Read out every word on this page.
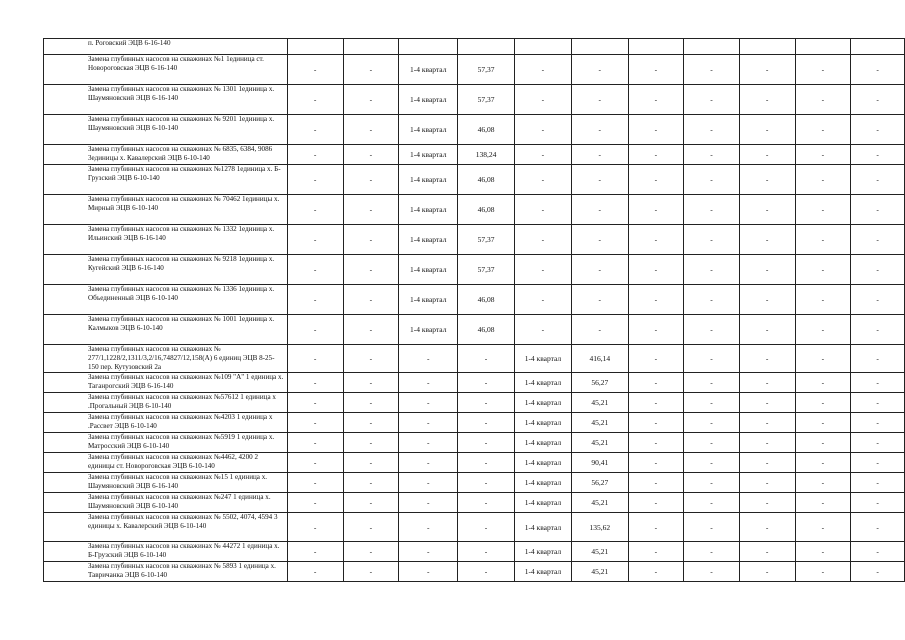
п. Роговский ЭЦВ 6-16-140											
Замена глубинных насосов на скважинах №1 1единица ст. Новороговская ЭЦВ 6-16-140	-	-	1-4 квартал	57,37	-	-	-	-	-	-	-
Замена глубинных насосов на скважинах № 1301 1единица х. Шаумяновский ЭЦВ 6-16-140	-	-	1-4 квартал	57,37	-	-	-	-	-	-	-
Замена глубинных насосов на скважинах № 9201 1единица х. Шаумяновский ЭЦВ 6-10-140	-	-	1-4 квартал	46,08	-	-	-	-	-	-	-
Замена глубинных насосов на скважинах № 6835, 6384, 9086 3единицы х. Кавалерский ЭЦВ 6-10-140	-	-	1-4 квартал	138,24	-	-	-	-	-	-	-
Замена глубинных насосов на скважинах №1278 1единица х. Б-Грузский ЭЦВ 6-10-140	-	-	1-4 квартал	46,08	-	-	-	-	-	-	-
Замена глубинных насосов на скважинах № 70462 1единицы х. Мирный ЭЦВ 6-10-140	-	-	1-4 квартал	46,08	-	-	-	-	-	-	-
Замена глубинных насосов на скважинах № 1332 1единица х. Ильинский ЭЦВ 6-16-140	-	-	1-4 квартал	57,37	-	-	-	-	-	-	-
Замена глубинных насосов на скважинах № 9218 1единица х. Кугейский ЭЦВ 6-16-140	-	-	1-4 квартал	57,37	-	-	-	-	-	-	-
Замена глубинных насосов на скважинах № 1336 1единица х. Объединенный ЭЦВ 6-10-140	-	-	1-4 квартал	46,08	-	-	-	-	-	-	-
Замена глубинных насосов на скважинах № 1001 1единица х. Калмыков ЭЦВ 6-10-140	-	-	1-4 квартал	46,08	-	-	-	-	-	-	-
Замена глубинных насосов на скважинах № 277/1,1228/2,1311/3,2/16,74827/12,158(А) 6 единиц ЭЦВ 8-25-150 пер. Кутузовский 2а	-	-	-	-	1-4 квартал	416,14	-	-	-	-	-
Замена глубинных насосов на скважинах №109 "А" 1 единица х. Таганрогский ЭЦВ 6-16-140	-	-	-	-	1-4 квартал	56,27	-	-	-	-	-
Замена глубинных насосов на скважинах №57612 1 единица х .Прогальный ЭЦВ 6-10-140	-	-	-	-	1-4 квартал	45,21	-	-	-	-	-
Замена глубинных насосов на скважинах №4203 1 единица х .Рассвет ЭЦВ 6-10-140	-	-	-	-	1-4 квартал	45,21	-	-	-	-	-
Замена глубинных насосов на скважинах №5919 1 единица х. Матросский ЭЦВ 6-10-140	-	-	-	-	1-4 квартал	45,21	-	-	-	-	-
Замена глубинных насосов на скважинах №4462, 4200 2 единицы ст. Новороговская ЭЦВ 6-10-140	-	-	-	-	1-4 квартал	90,41	-	-	-	-	-
Замена глубинных насосов на скважинах №15 1 единица х. Шаумяновский ЭЦВ 6-16-140	-	-	-	-	1-4 квартал	56,27	-	-	-	-	-
Замена глубинных насосов на скважинах №247 1 единица х. Шаумяновский ЭЦВ 6-10-140	-	-	-	-	1-4 квартал	45,21	-	-	-	-	-
Замена глубинных насосов на скважинах № 5502, 4074, 4594 3 единицы х. Кавалерский ЭЦВ 6-10-140	-	-	-	-	1-4 квартал	135,62	-	-	-	-	-
Замена глубинных насосов на скважинах № 44272 1 единица х. Б-Грузский ЭЦВ 6-10-140	-	-	-	-	1-4 квартал	45,21	-	-	-	-	-
Замена глубинных насосов на скважинах № 5893 1 единица х. Тавричанка ЭЦВ 6-10-140	-	-	-	-	1-4 квартал	45,21	-	-	-	-	-
